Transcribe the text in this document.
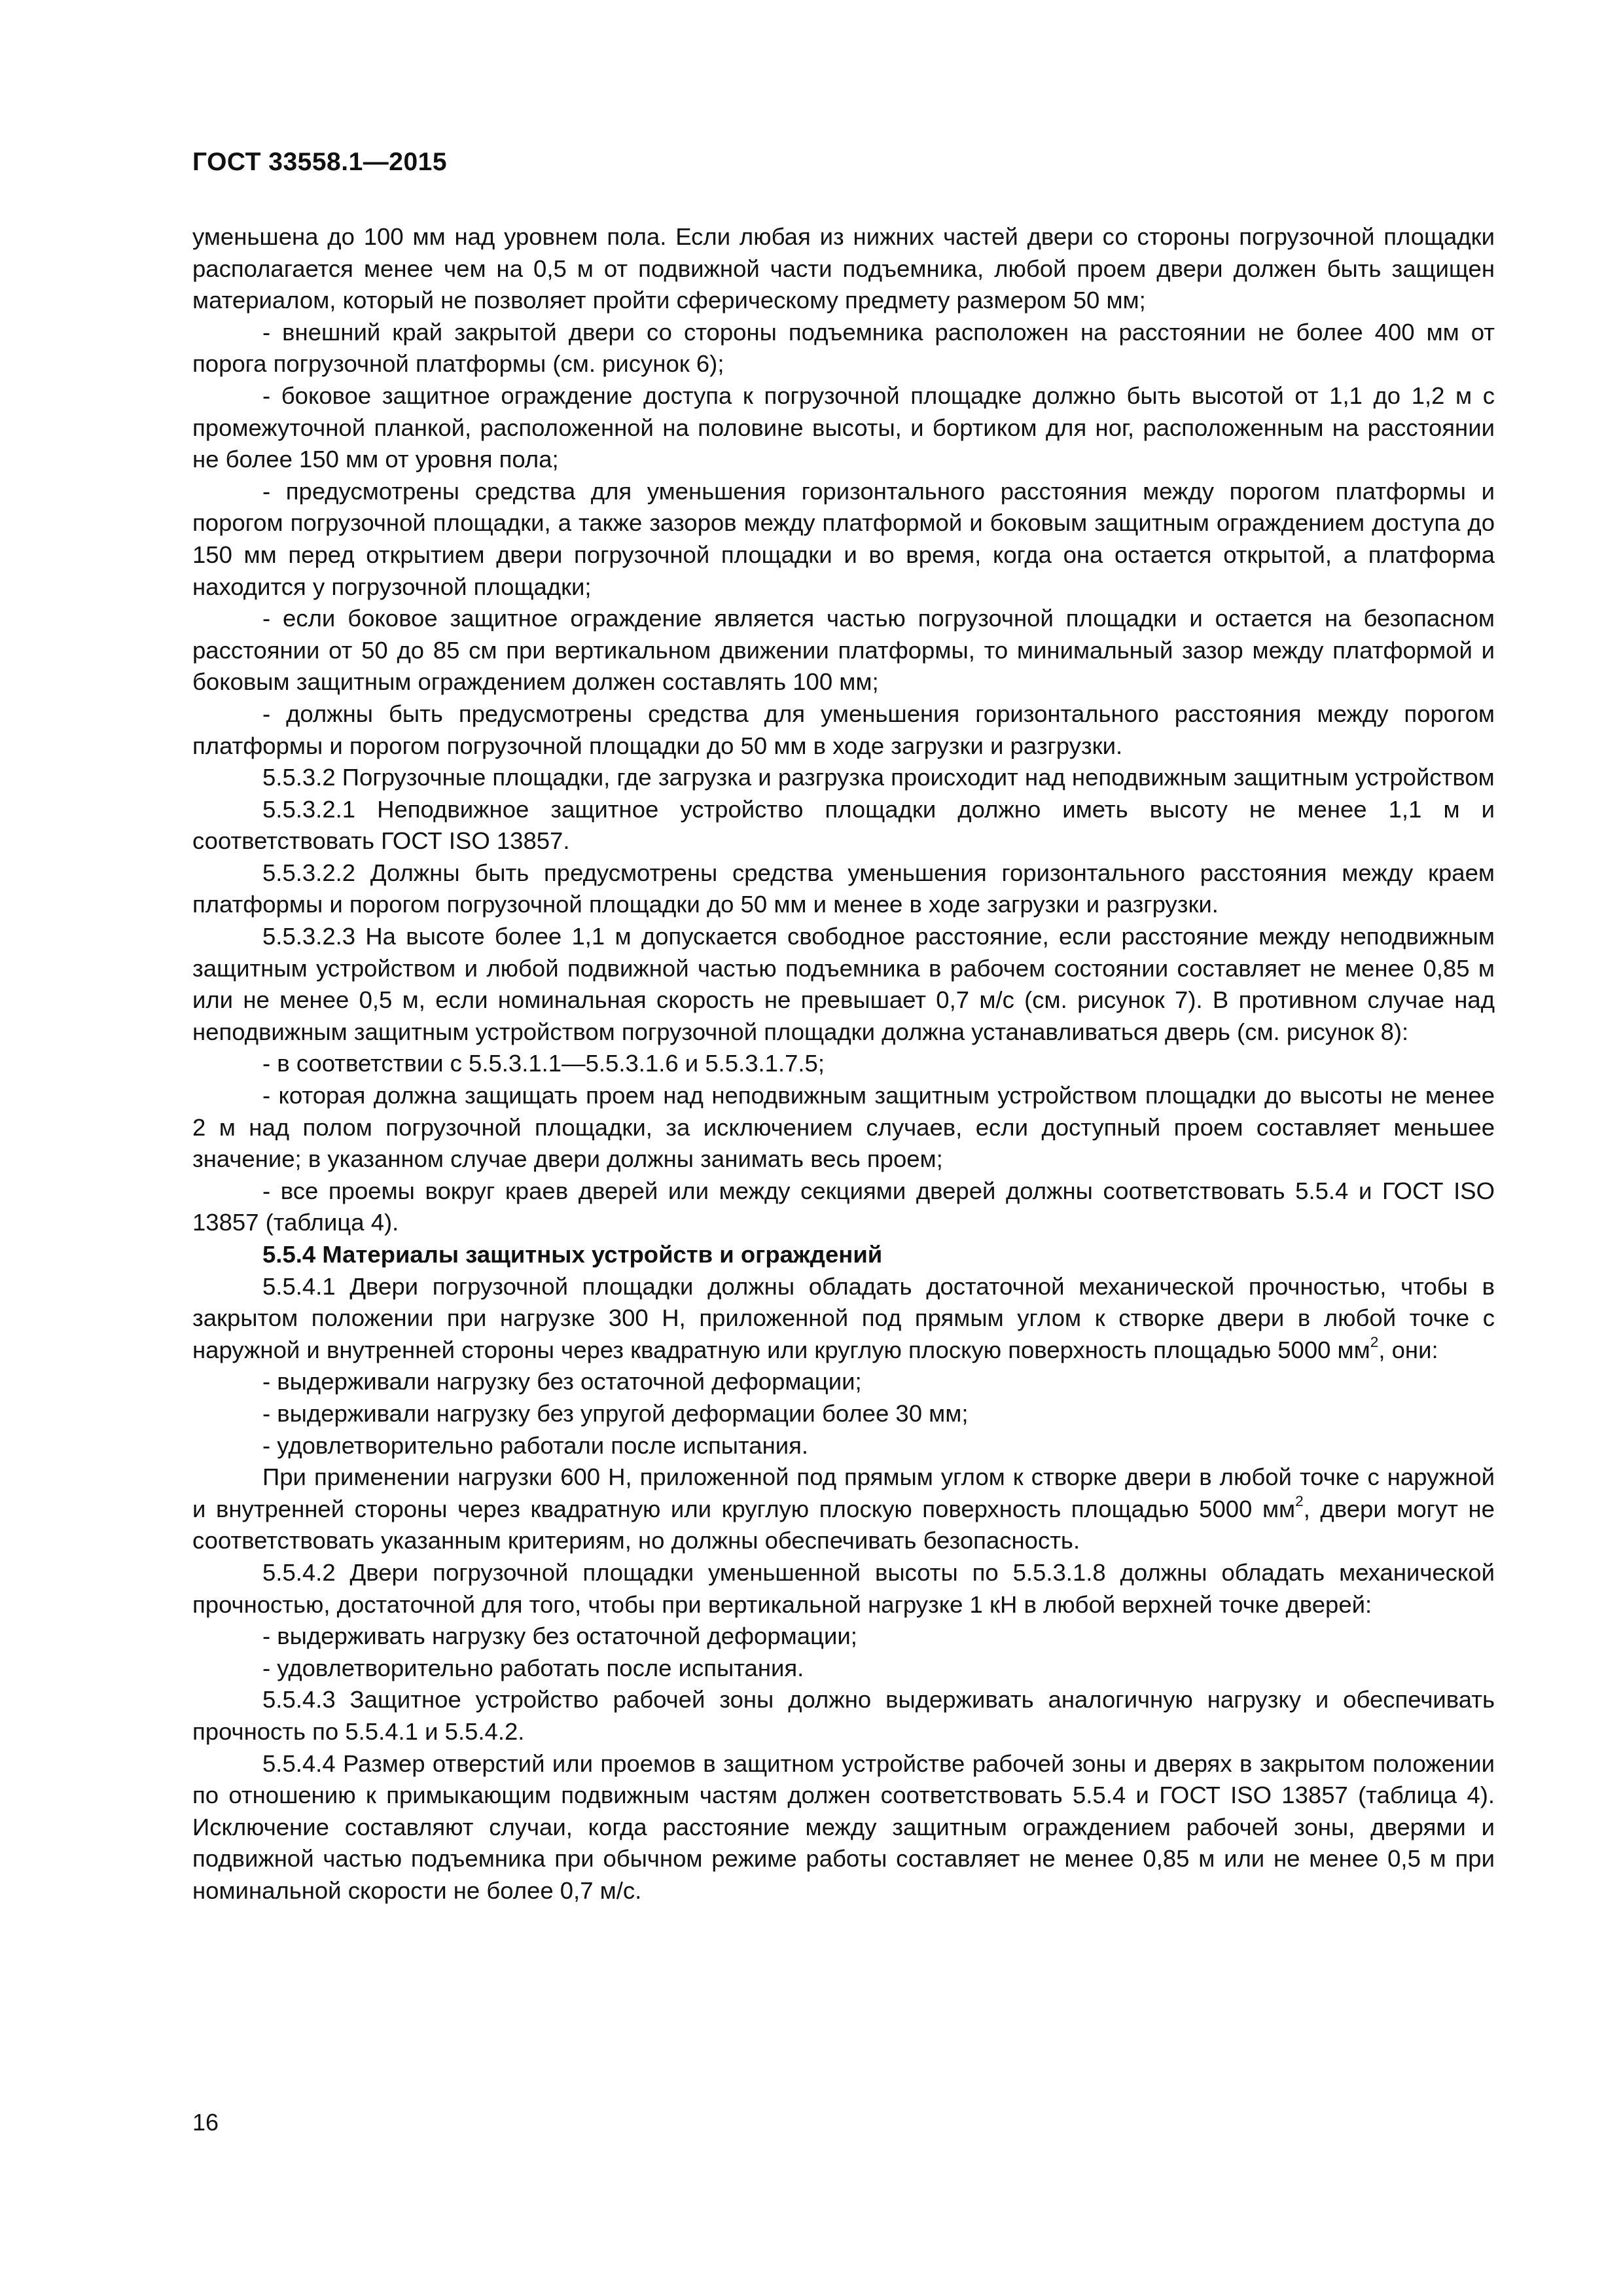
ГОСТ 33558.1—2015

уменьшена до 100 мм над уровнем пола. Если любая из нижних частей двери со стороны погрузочной площадки располагается менее чем на 0,5 м от подвижной части подъемника, любой проем двери должен быть защищен материалом, который не позволяет пройти сферическому предмету размером 50 мм;

- внешний край закрытой двери со стороны подъемника расположен на расстоянии не более 400 мм от порога погрузочной платформы (см. рисунок 6);

- боковое защитное ограждение доступа к погрузочной площадке должно быть высотой от 1,1 до 1,2 м с промежуточной планкой, расположенной на половине высоты, и бортиком для ног, расположенным на расстоянии не более 150 мм от уровня пола;

- предусмотрены средства для уменьшения горизонтального расстояния между порогом платформы и порогом погрузочной площадки, а также зазоров между платформой и боковым защитным ограждением доступа до 150 мм перед открытием двери погрузочной площадки и во время, когда она остается открытой, а платформа находится у погрузочной площадки;

- если боковое защитное ограждение является частью погрузочной площадки и остается на безопасном расстоянии от 50 до 85 см при вертикальном движении платформы, то минимальный зазор между платформой и боковым защитным ограждением должен составлять 100 мм;

- должны быть предусмотрены средства для уменьшения горизонтального расстояния между порогом платформы и порогом погрузочной площадки до 50 мм в ходе загрузки и разгрузки.

5.5.3.2 Погрузочные площадки, где загрузка и разгрузка происходит над неподвижным защитным устройством

5.5.3.2.1 Неподвижное защитное устройство площадки должно иметь высоту не менее 1,1 м и соответствовать ГОСТ ISO 13857.

5.5.3.2.2 Должны быть предусмотрены средства уменьшения горизонтального расстояния между краем платформы и порогом погрузочной площадки до 50 мм и менее в ходе загрузки и разгрузки.

5.5.3.2.3 На высоте более 1,1 м допускается свободное расстояние, если расстояние между неподвижным защитным устройством и любой подвижной частью подъемника в рабочем состоянии составляет не менее 0,85 м или не менее 0,5 м, если номинальная скорость не превышает 0,7 м/с (см. рисунок 7). В противном случае над неподвижным защитным устройством погрузочной площадки должна устанавливаться дверь (см. рисунок 8):

- в соответствии с 5.5.3.1.1—5.5.3.1.6 и 5.5.3.1.7.5;

- которая должна защищать проем над неподвижным защитным устройством площадки до высоты не менее 2 м над полом погрузочной площадки, за исключением случаев, если доступный проем составляет меньшее значение; в указанном случае двери должны занимать весь проем;

- все проемы вокруг краев дверей или между секциями дверей должны соответствовать 5.5.4 и ГОСТ ISO 13857 (таблица 4).

5.5.4 Материалы защитных устройств и ограждений

5.5.4.1 Двери погрузочной площадки должны обладать достаточной механической прочностью, чтобы в закрытом положении при нагрузке 300 Н, приложенной под прямым углом к створке двери в любой точке с наружной и внутренней стороны через квадратную или круглую плоскую поверхность площадью 5000 $мм^2$, они:

- выдерживали нагрузку без остаточной деформации;

- выдерживали нагрузку без упругой деформации более 30 мм;

- удовлетворительно работали после испытания.

При применении нагрузки 600 Н, приложенной под прямым углом к створке двери в любой точке с наружной и внутренней стороны через квадратную или круглую плоскую поверхность площадью 5000 $мм^2$, двери могут не соответствовать указанным критериям, но должны обеспечивать безопасность.

5.5.4.2 Двери погрузочной площадки уменьшенной высоты по 5.5.3.1.8 должны обладать механической прочностью, достаточной для того, чтобы при вертикальной нагрузке 1 кН в любой верхней точке дверей:

- выдерживать нагрузку без остаточной деформации;

- удовлетворительно работать после испытания.

5.5.4.3 Защитное устройство рабочей зоны должно выдерживать аналогичную нагрузку и обеспечивать прочность по 5.5.4.1 и 5.5.4.2.

5.5.4.4 Размер отверстий или проемов в защитном устройстве рабочей зоны и дверях в закрытом положении по отношению к примыкающим подвижным частям должен соответствовать 5.5.4 и ГОСТ ISO 13857 (таблица 4). Исключение составляют случаи, когда расстояние между защитным ограждением рабочей зоны, дверями и подвижной частью подъемника при обычном режиме работы составляет не менее 0,85 м или не менее 0,5 м при номинальной скорости не более 0,7 м/с.

16
